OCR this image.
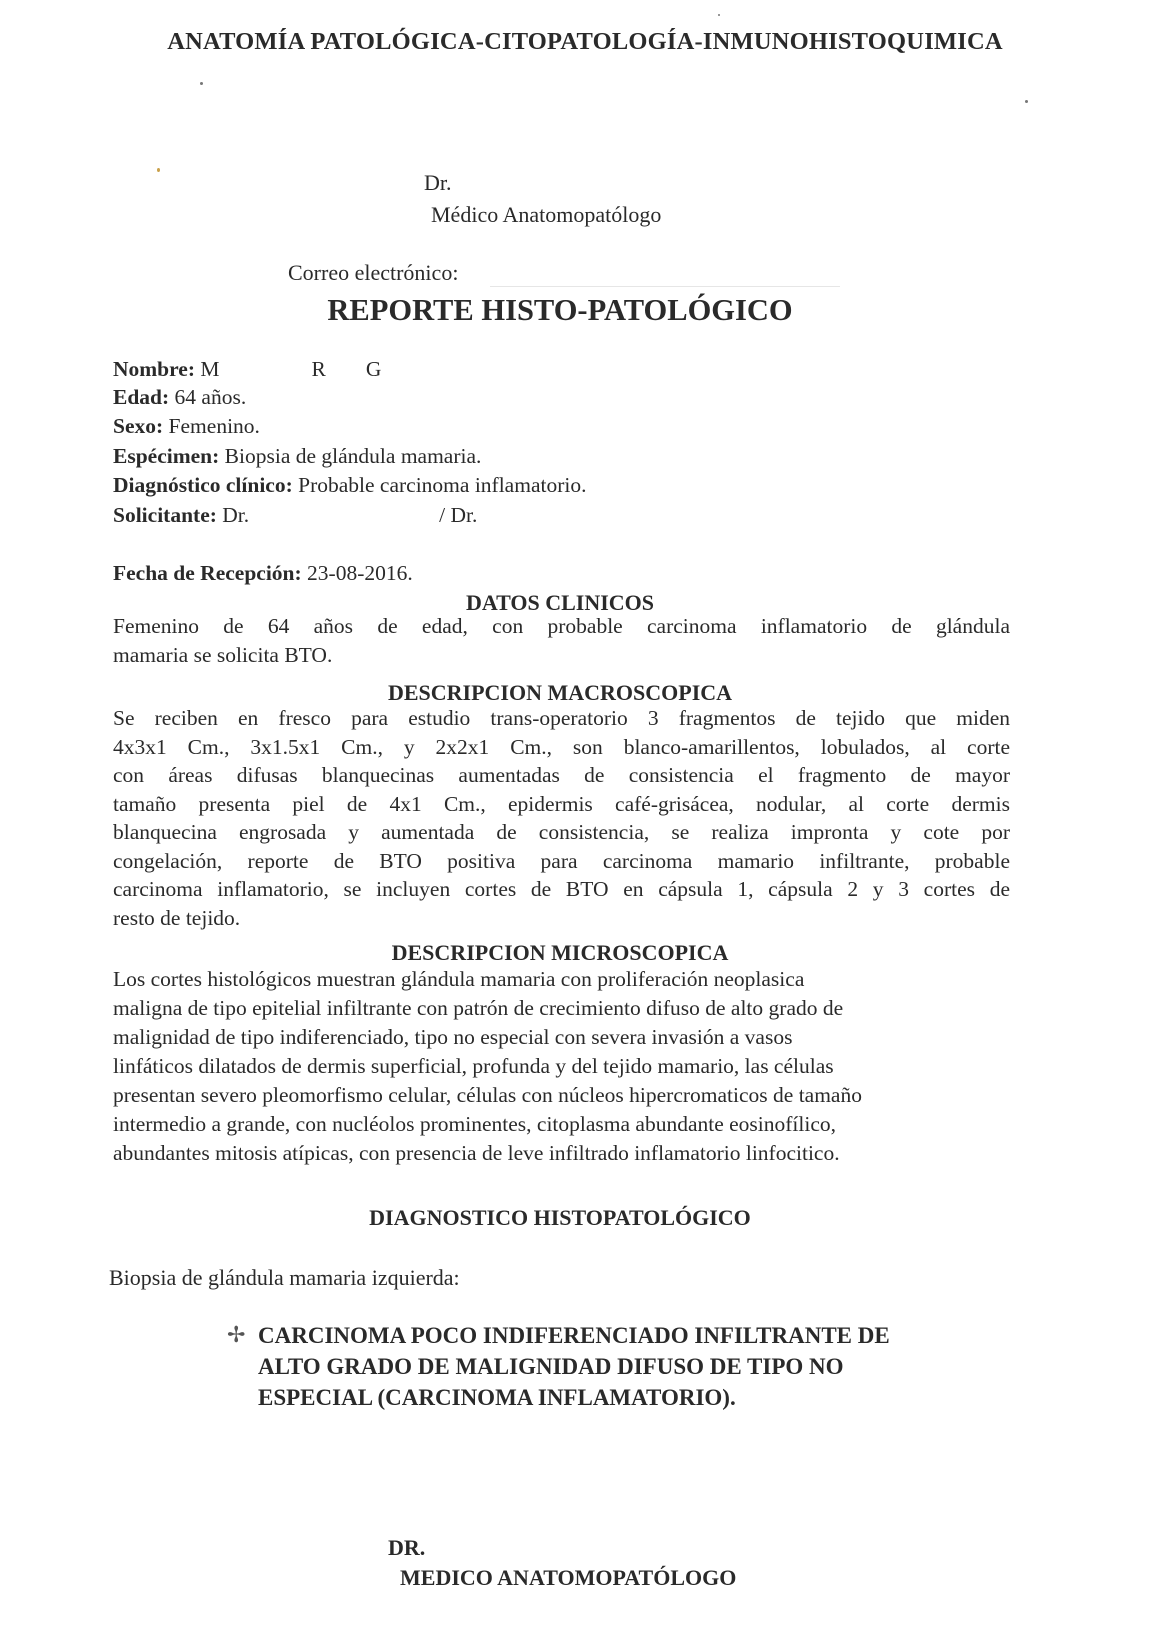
ANATOMÍA PATOLÓGICA-CITOPATOLOGÍA-INMUNOHISTOQUIMICA
Dr.
Médico Anatomopatólogo
Correo electrónico:
REPORTE HISTO-PATOLÓGICO
Nombre: M	R G
Edad: 64 años.
Sexo: Femenino.
Espécimen: Biopsia de glándula mamaria.
Diagnóstico clínico: Probable carcinoma inflamatorio.
Solicitante: Dr.	/ Dr.
Fecha de Recepción: 23-08-2016.
DATOS CLINICOS
Femenino de 64 años de edad, con probable carcinoma inflamatorio de glándula
mamaria se solicita BTO.
DESCRIPCION MACROSCOPICA
Se reciben en fresco para estudio trans-operatorio 3 fragmentos de tejido que miden
4x3x1 Cm., 3x1.5x1 Cm., y 2x2x1 Cm., son blanco-amarillentos, lobulados, al corte
con áreas difusas blanquecinas aumentadas de consistencia el fragmento de mayor
tamaño presenta piel de 4x1 Cm., epidermis café-grisácea, nodular, al corte dermis
blanquecina engrosada y aumentada de consistencia, se realiza impronta y cote por
congelación, reporte de BTO positiva para carcinoma mamario infiltrante, probable
carcinoma inflamatorio, se incluyen cortes de BTO en cápsula 1, cápsula 2 y 3 cortes de
resto de tejido.
DESCRIPCION MICROSCOPICA
Los cortes histológicos muestran glándula mamaria con proliferación neoplasica
maligna de tipo epitelial infiltrante con patrón de crecimiento difuso de alto grado de
malignidad de tipo indiferenciado, tipo no especial con severa invasión a vasos
linfáticos dilatados de dermis superficial, profunda y del tejido mamario, las células
presentan severo pleomorfismo celular, células con núcleos hipercromaticos de tamaño
intermedio a grande, con nucléolos prominentes, citoplasma abundante eosinofílico,
abundantes mitosis atípicas, con presencia de leve infiltrado inflamatorio linfocitico.
DIAGNOSTICO HISTOPATOLÓGICO
Biopsia de glándula mamaria izquierda:
✢ CARCINOMA POCO INDIFERENCIADO INFILTRANTE DE
ALTO GRADO DE MALIGNIDAD DIFUSO DE TIPO NO
ESPECIAL (CARCINOMA INFLAMATORIO).
DR.
MEDICO ANATOMOPATÓLOGO
